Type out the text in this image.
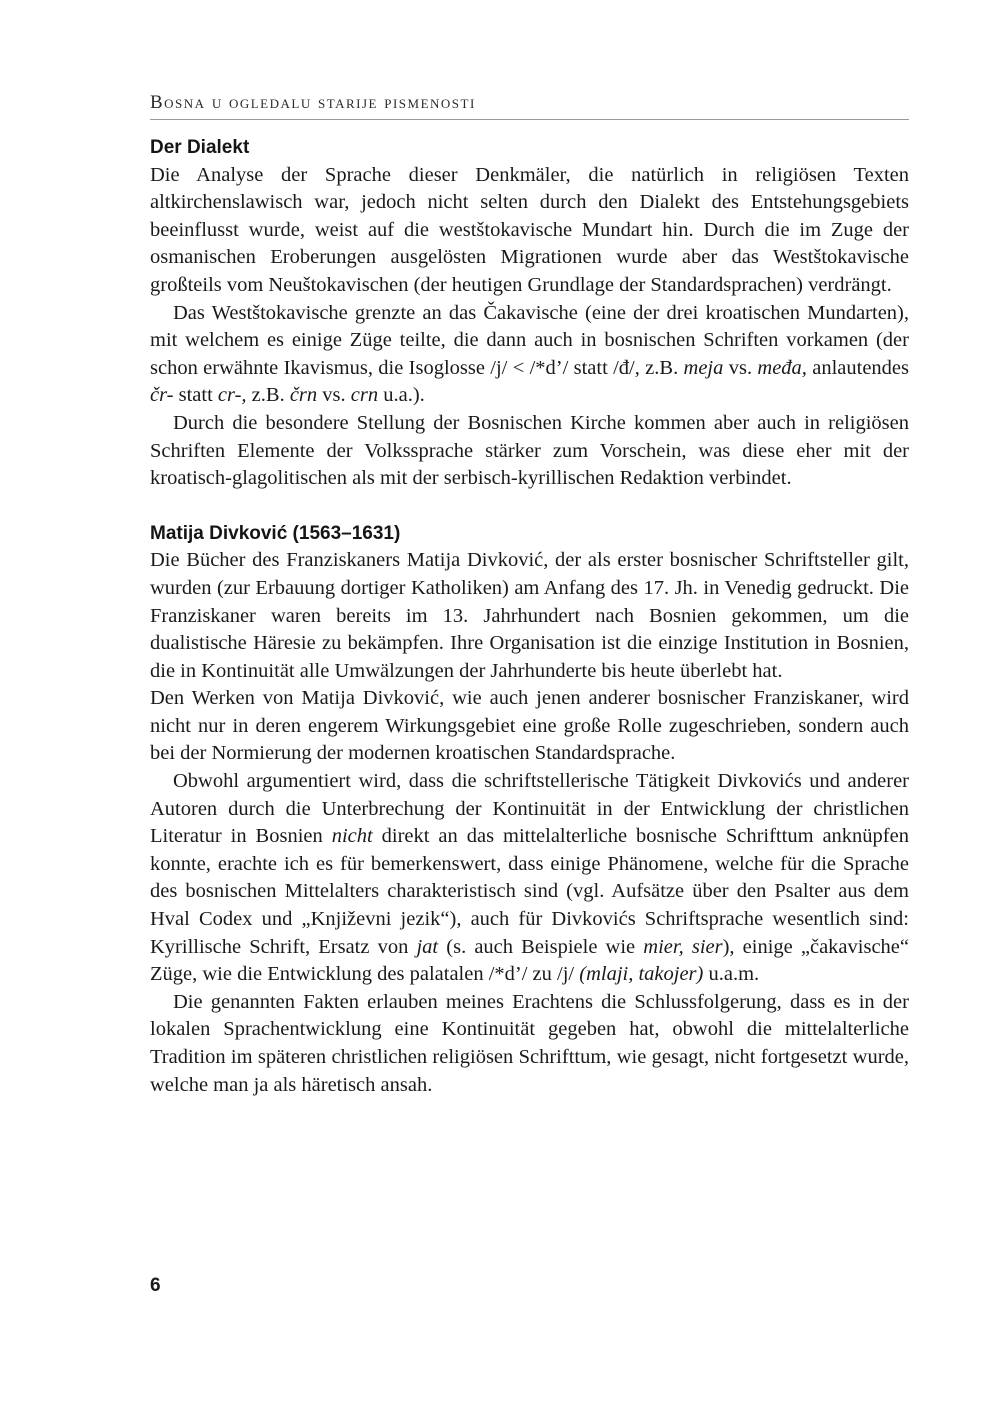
Bosna u ogledalu starije pismenosti
Der Dialekt

Die Analyse der Sprache dieser Denkmäler, die natürlich in religiösen Texten altkirchenslawisch war, jedoch nicht selten durch den Dialekt des Entstehungsgebiets beeinflusst wurde, weist auf die westštokavische Mundart hin. Durch die im Zuge der osmanischen Eroberungen ausgelösten Migrationen wurde aber das Westštokavische großteils vom Neuštokavischen (der heutigen Grundlage der Standardsprachen) verdrängt.

Das Westštokavische grenzte an das Čakavische (eine der drei kroatischen Mundarten), mit welchem es einige Züge teilte, die dann auch in bosnischen Schriften vorkamen (der schon erwähnte Ikavismus, die Isoglosse /j/ < /*d’/ statt /đ/, z.B. meja vs. međa, anlautendes čr- statt cr-, z.B. črn vs. crn u.a.).

Durch die besondere Stellung der Bosnischen Kirche kommen aber auch in religiösen Schriften Elemente der Volkssprache stärker zum Vorschein, was diese eher mit der kroatisch-glagolitischen als mit der serbisch-kyrillischen Redaktion verbindet.

Matija Divković (1563–1631)

Die Bücher des Franziskaners Matija Divković, der als erster bosnischer Schriftsteller gilt, wurden (zur Erbauung dortiger Katholiken) am Anfang des 17. Jh. in Venedig gedruckt. Die Franziskaner waren bereits im 13. Jahrhundert nach Bosnien gekommen, um die dualistische Häresie zu bekämpfen. Ihre Organisation ist die einzige Institution in Bosnien, die in Kontinuität alle Umwälzungen der Jahrhunderte bis heute überlebt hat.

Den Werken von Matija Divković, wie auch jenen anderer bosnischer Franziskaner, wird nicht nur in deren engerem Wirkungsgebiet eine große Rolle zugeschrieben, sondern auch bei der Normierung der modernen kroatischen Standardsprache.

Obwohl argumentiert wird, dass die schriftstellerische Tätigkeit Divkovićs und anderer Autoren durch die Unterbrechung der Kontinuität in der Entwicklung der christlichen Literatur in Bosnien nicht direkt an das mittelalterliche bosnische Schrifttum anknüpfen konnte, erachte ich es für bemerkenswert, dass einige Phänomene, welche für die Sprache des bosnischen Mittelalters charakteristisch sind (vgl. Aufsätze über den Psalter aus dem Hval Codex und „Književni jezik“), auch für Divkovićs Schriftsprache wesentlich sind: Kyrillische Schrift, Ersatz von jat (s. auch Beispiele wie mier, sier), einige „čakavische“ Züge, wie die Entwicklung des palatalen /*d’/ zu /j/ (mlaji, takojer) u.a.m.

Die genannten Fakten erlauben meines Erachtens die Schlussfolgerung, dass es in der lokalen Sprachentwicklung eine Kontinuität gegeben hat, obwohl die mittelalterliche Tradition im späteren christlichen religiösen Schrifttum, wie gesagt, nicht fortgesetzt wurde, welche man ja als häretisch ansah.

6
